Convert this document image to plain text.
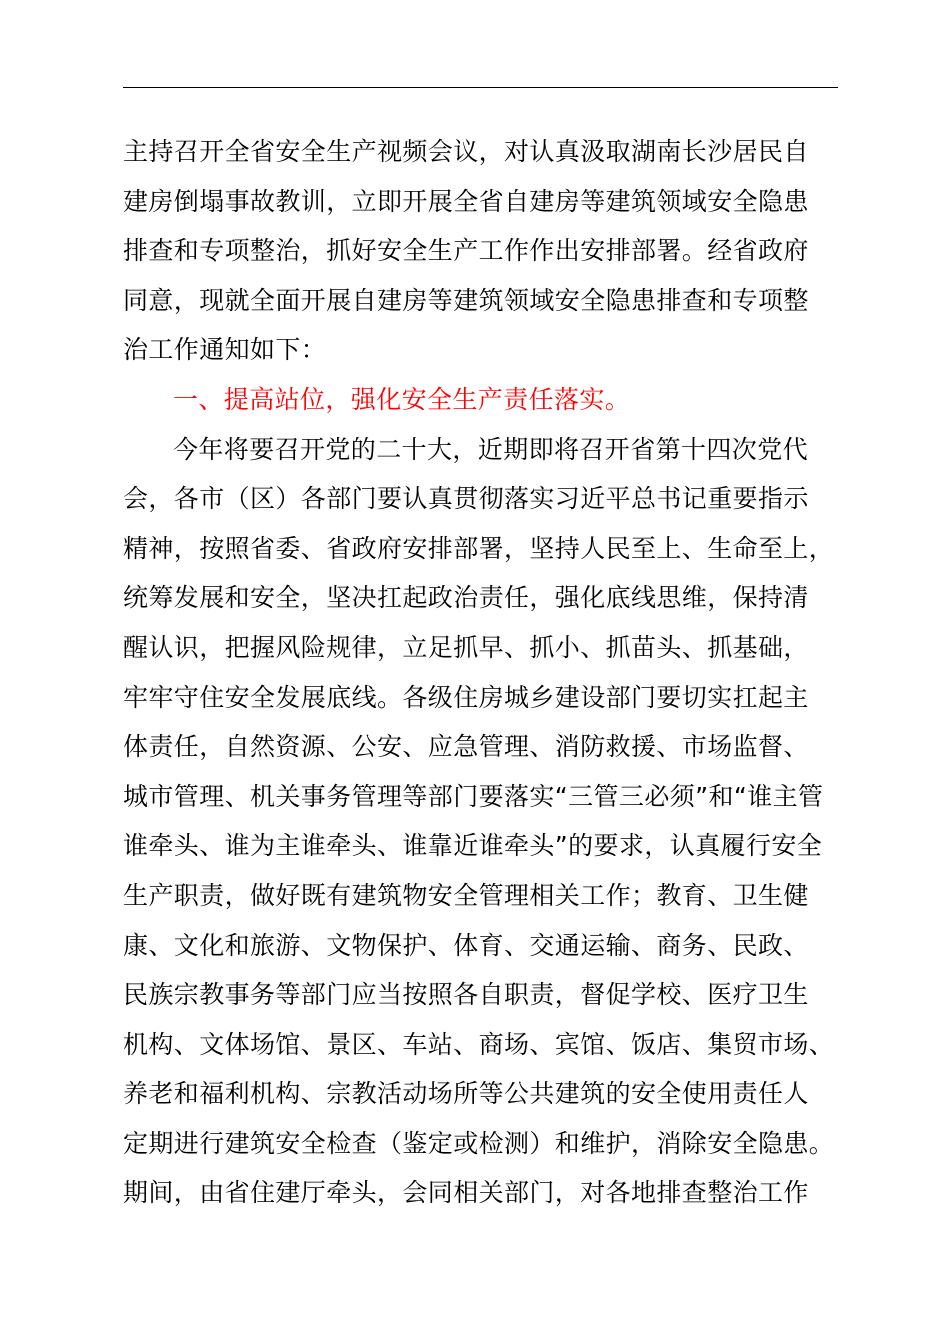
主持召开全省安全生产视频会议，对认真汲取湖南长沙居民自
建房倒塌事故教训，立即开展全省自建房等建筑领域安全隐患
排查和专项整治，抓好安全生产工作作出安排部署。经省政府
同意，现就全面开展自建房等建筑领域安全隐患排查和专项整
治工作通知如下：
一、提高站位，强化安全生产责任落实。
今年将要召开党的二十大，近期即将召开省第十四次党代
会，各市（区）各部门要认真贯彻落实习近平总书记重要指示
精神，按照省委、省政府安排部署，坚持人民至上、生命至上，
统筹发展和安全，坚决扛起政治责任，强化底线思维，保持清
醒认识，把握风险规律，立足抓早、抓小、抓苗头、抓基础，
牢牢守住安全发展底线。各级住房城乡建设部门要切实扛起主
体责任，自然资源、公安、应急管理、消防救援、市场监督、
城市管理、机关事务管理等部门要落实“三管三必须”和“谁主管
谁牵头、谁为主谁牵头、谁靠近谁牵头”的要求，认真履行安全
生产职责，做好既有建筑物安全管理相关工作；教育、卫生健
康、文化和旅游、文物保护、体育、交通运输、商务、民政、
民族宗教事务等部门应当按照各自职责，督促学校、医疗卫生
机构、文体场馆、景区、车站、商场、宾馆、饭店、集贸市场、
养老和福利机构、宗教活动场所等公共建筑的安全使用责任人
定期进行建筑安全检查（鉴定或检测）和维护，消除安全隐患。
期间，由省住建厅牵头，会同相关部门，对各地排查整治工作
